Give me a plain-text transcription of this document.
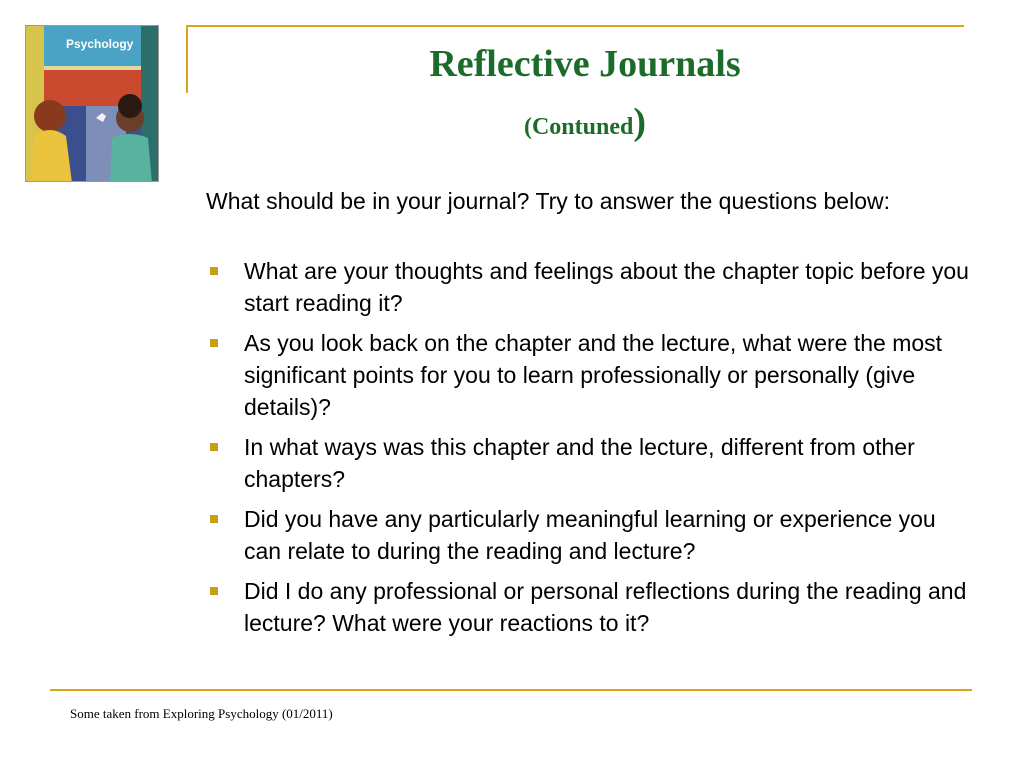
Psychology	Reflective Journals
(Contuned)

What should be in your journal? Try to answer the questions below:

What are your thoughts and feelings about the chapter topic before you start reading it?
As you look back on the chapter and the lecture, what were the most significant points for you to learn professionally or personally (give details)?
In what ways was this chapter and the lecture, different from other chapters?
Did you have any particularly meaningful learning or experience you can relate to during the reading and lecture?
Did I do any professional or personal reflections during the reading and lecture? What were your reactions to it?
Some taken from Exploring Psychology (01/2011)
